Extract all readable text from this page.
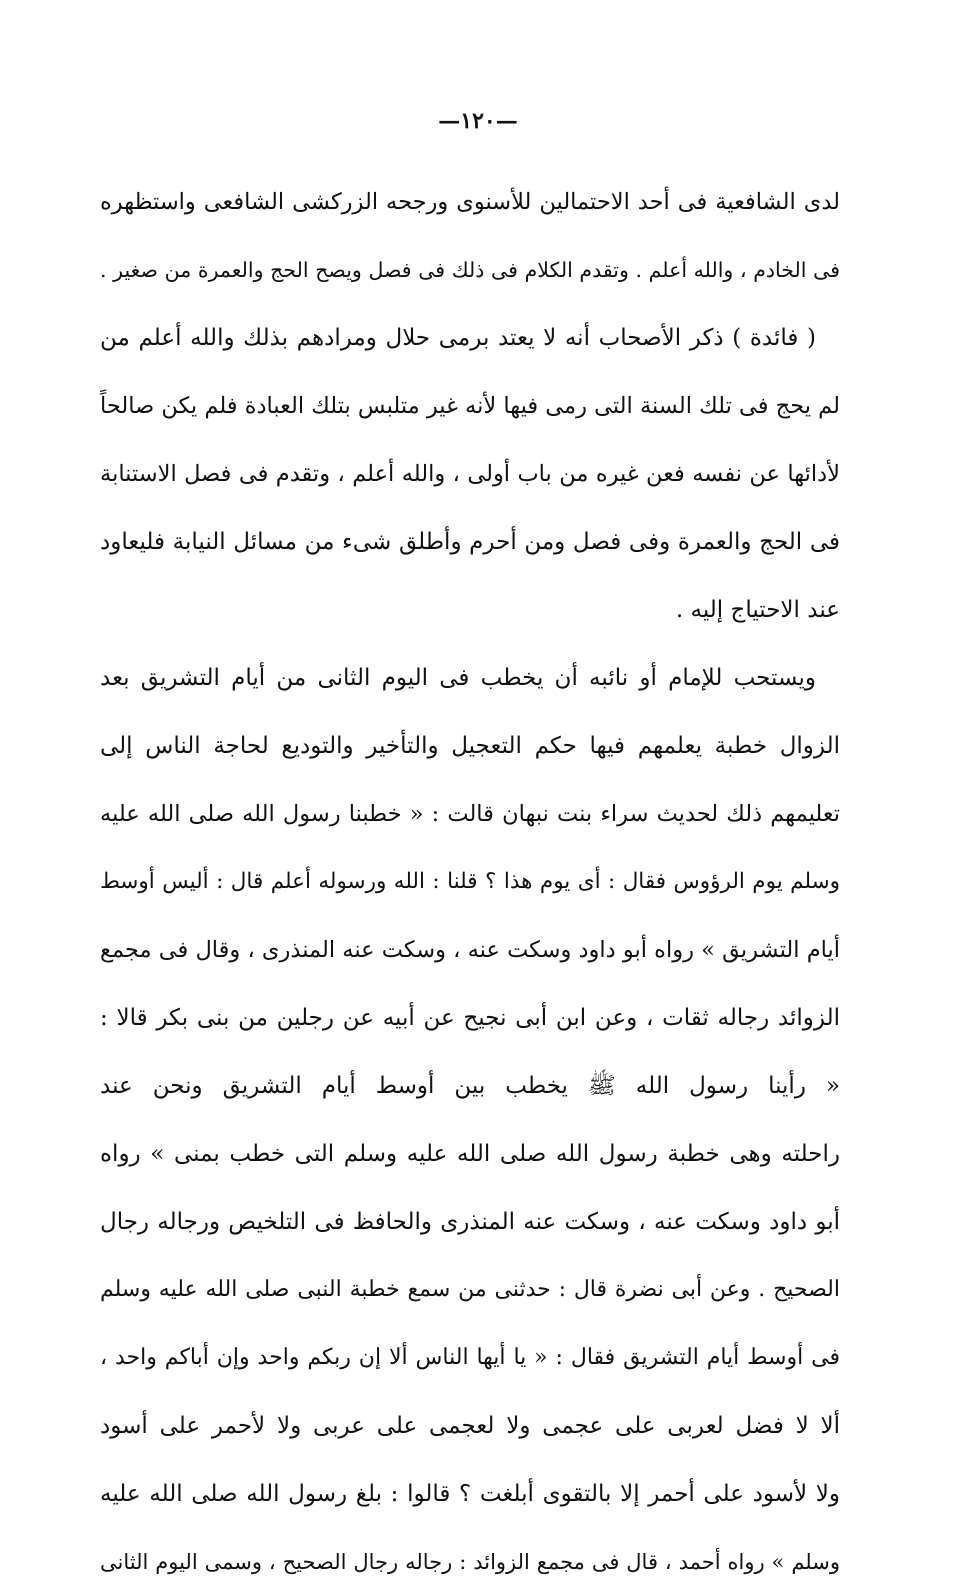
—١٢٠—
لدى الشافعية فى أحد الاحتمالين للأسنوى ورجحه الزركشى الشافعى واستظهره
فى الخادم ، والله أعلم . وتقدم الكلام فى ذلك فى فصل ويصح الحج والعمرة من صغير .
( فائدة ) ذكر الأصحاب أنه لا يعتد برمى حلال ومرادهم بذلك والله أعلم من
لم يحج فى تلك السنة التى رمى فيها لأنه غير متلبس بتلك العبادة فلم يكن صالحاً
لأدائها عن نفسه فعن غيره من باب أولى ، والله أعلم ، وتقدم فى فصل الاستنابة
فى الحج والعمرة وفى فصل ومن أحرم وأطلق شىء من مسائل النيابة فليعاود
عند الاحتياج إليه .
ويستحب للإمام أو نائبه أن يخطب فى اليوم الثانى من أيام التشريق بعد
الزوال خطبة يعلمهم فيها حكم التعجيل والتأخير والتوديع لحاجة الناس إلى
تعليمهم ذلك لحديث سراء بنت نبهان قالت : « خطبنا رسول الله صلى الله عليه
وسلم يوم الرؤوس فقال : أى يوم هذا ؟ قلنا : الله ورسوله أعلم قال : أليس أوسط
أيام التشريق » رواه أبو داود وسكت عنه ، وسكت عنه المنذرى ، وقال فى مجمع
الزوائد رجاله ثقات ، وعن ابن أبى نجيح عن أبيه عن رجلين من بنى بكر قالا :
« رأينا رسول الله ﷺ يخطب بين أوسط أيام التشريق ونحن عند
راحلته وهى خطبة رسول الله صلى الله عليه وسلم التى خطب بمنى » رواه
أبو داود وسكت عنه ، وسكت عنه المنذرى والحافظ فى التلخيص ورجاله رجال
الصحيح . وعن أبى نضرة قال : حدثنى من سمع خطبة النبى صلى الله عليه وسلم
فى أوسط أيام التشريق فقال : « يا أيها الناس ألا إن ربكم واحد وإن أباكم واحد ،
ألا لا فضل لعربى على عجمى ولا لعجمى على عربى ولا لأحمر على أسود
ولا لأسود على أحمر إلا بالتقوى أبلغت ؟ قالوا : بلغ رسول الله صلى الله عليه
وسلم » رواه أحمد ، قال فى مجمع الزوائد : رجاله رجال الصحيح ، وسمى اليوم الثانى
